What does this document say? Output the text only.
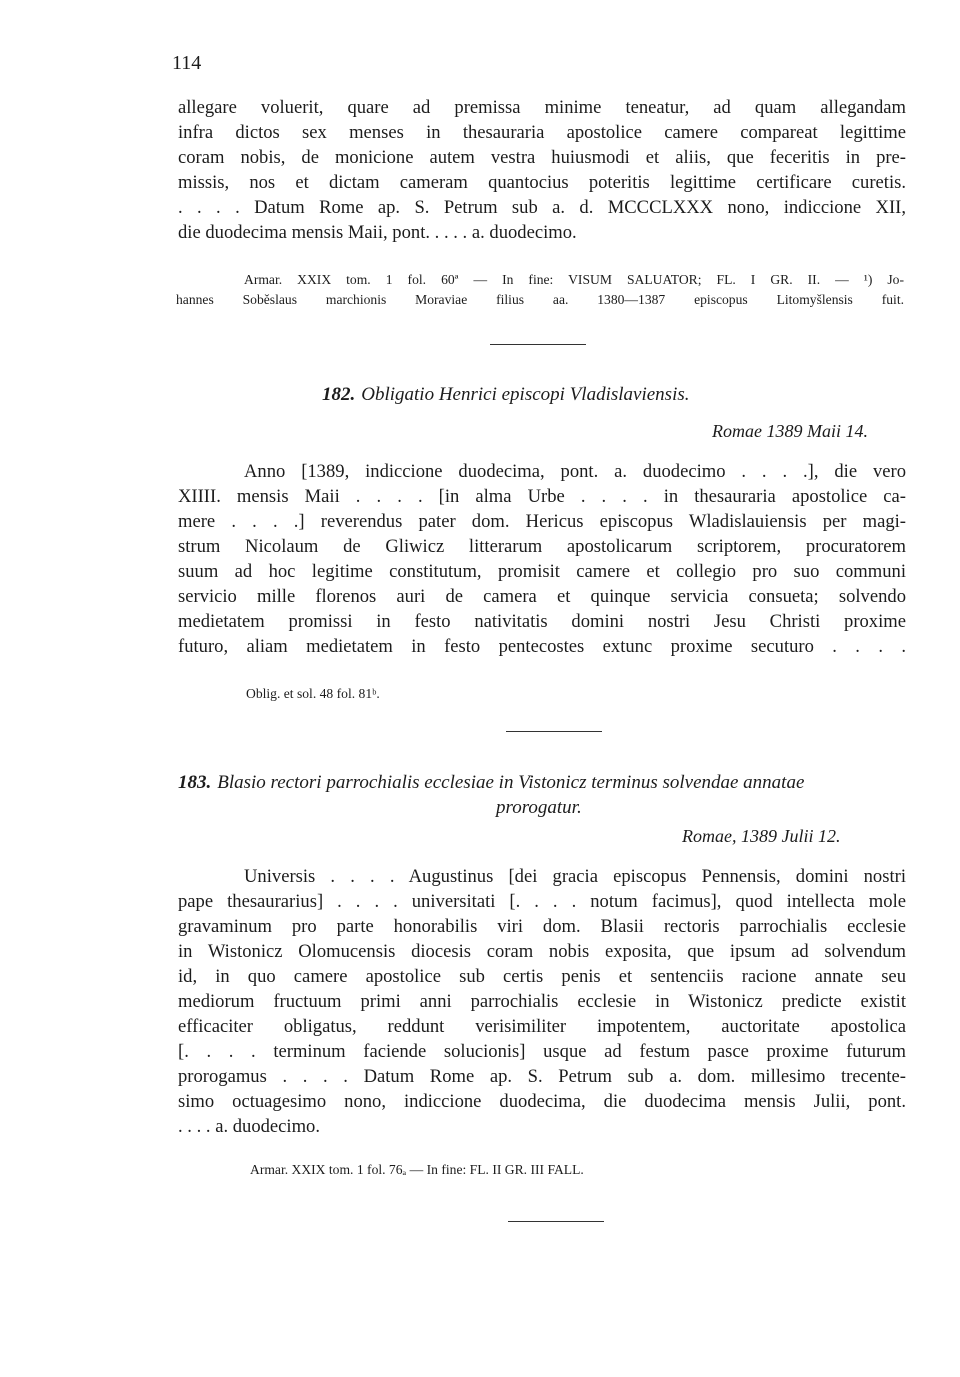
114
allegare voluerit, quare ad premissa minime teneatur, ad quam allegandam
infra dictos sex menses in thesauraria apostolice camere compareat legittime
coram nobis, de monicione autem vestra huiusmodi et aliis, que feceritis in pre-
missis, nos et dictam cameram quantocius poteritis legittime certificare curetis.
. . . . Datum Rome ap. S. Petrum sub a. d. MCCCLXXX nono, indiccione XII,
die duodecima mensis Maii, pont. . . . . a. duodecimo.
Armar. XXIX tom. 1 fol. 60ª — In fine: VISUM SALUATOR; FL. I GR. II. — ¹) Jo-
hannes Soběslaus marchionis Moraviae filius aa. 1380—1387 episcopus Litomyšlensis fuit.
182. Obligatio Henrici episcopi Vladislaviensis.
Romae 1389 Maii 14.
Anno [1389, indiccione duodecima, pont. a. duodecimo . . . .], die vero
XIIII. mensis Maii . . . . [in alma Urbe . . . . in thesauraria apostolice ca-
mere . . . .] reverendus pater dom. Hericus episcopus Wladislauiensis per magi-
strum Nicolaum de Gliwicz litterarum apostolicarum scriptorem, procuratorem
suum ad hoc legitime constitutum, promisit camere et collegio pro suo communi
servicio mille florenos auri de camera et quinque servicia consueta; solvendo
medietatem promissi in festo nativitatis domini nostri Jesu Christi proxime
futuro, aliam medietatem in festo pentecostes extunc proxime secuturo . . . .
Oblig. et sol. 48 fol. 81ᵇ.
183. Blasio rectori parrochialis ecclesiae in Vistonicz terminus solvendae annatae
prorogatur.
Romae, 1389 Julii 12.
Universis . . . . Augustinus [dei gracia episcopus Pennensis, domini nostri
pape thesaurarius] . . . . universitati [. . . . notum facimus], quod intellecta mole
gravaminum pro parte honorabilis viri dom. Blasii rectoris parrochialis ecclesie
in Wistonicz Olomucensis diocesis coram nobis exposita, que ipsum ad solvendum
id, in quo camere apostolice sub certis penis et sentenciis racione annate seu
mediorum fructuum primi anni parrochialis ecclesie in Wistonicz predicte existit
efficaciter obligatus, reddunt verisimiliter impotentem, auctoritate apostolica
[. . . . terminum faciende solucionis] usque ad festum pasce proxime futurum
prorogamus . . . . Datum Rome ap. S. Petrum sub a. dom. millesimo trecente-
simo octuagesimo nono, indiccione duodecima, die duodecima mensis Julii, pont.
. . . . a. duodecimo.
Armar. XXIX tom. 1 fol. 76ₐ — In fine: FL. II GR. III FALL.
